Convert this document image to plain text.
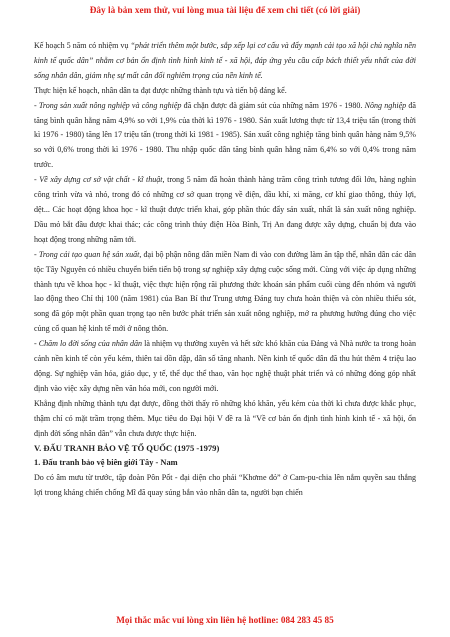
Đây là bản xem thử, vui lòng mua tài liệu để xem chi tiết (có lời giải)

Kế hoạch 5 năm có nhiệm vụ “phát triển thêm một bước, sắp xếp lại cơ cấu và đẩy mạnh cải tạo xã hội chủ nghĩa nền kinh tế quốc dân” nhằm cơ bản ổn định tình hình kinh tế - xã hội, đáp ứng yêu cầu cấp bách thiết yếu nhất của đời sống nhân dân, giảm nhẹ sự mất cân đối nghiêm trọng của nền kinh tế.

Thực hiện kế hoạch, nhân dân ta đạt được những thành tựu và tiến bộ đáng kể.

- Trong sản xuất nông nghiệp và công nghiệp đã chặn được đà giảm sút của những năm 1976 - 1980. Nông nghiệp đã tăng bình quân hằng năm 4,9% so với 1,9% của thời kì 1976 - 1980. Sản xuất lương thực từ 13,4 triệu tấn (trong thời kì 1976 - 1980) tăng lên 17 triệu tấn (trong thời kì 1981 - 1985). Sản xuất công nghiệp tăng bình quân hàng năm 9,5% so với 0,6% trong thời kì 1976 - 1980. Thu nhập quốc dân tăng bình quân hằng năm 6,4% so với 0,4% trong năm trước.

- Về xây dựng cơ sở vật chất - kĩ thuật, trong 5 năm đã hoàn thành hàng trăm công trình tương đối lớn, hàng nghìn công trình vừa và nhỏ, trong đó có những cơ sở quan trọng về điện, dầu khí, xi măng, cơ khí giao thông, thủy lợi, dệt... Các hoạt động khoa học - kĩ thuật được triển khai, góp phần thúc đẩy sản xuất, nhất là sản xuất nông nghiệp. Dầu mỏ bắt đầu được khai thác; các công trình thủy điện Hòa Bình, Trị An đang được xây dựng, chuẩn bị đưa vào hoạt động trong những năm tới.

- Trong cải tạo quan hệ sản xuất, đại bộ phận nông dân miền Nam đi vào con đường làm ăn tập thể, nhân dân các dân tộc Tây Nguyên có nhiều chuyển biến tiến bộ trong sự nghiệp xây dựng cuộc sống mới. Cùng với việc áp dụng những thành tựu về khoa học - kĩ thuật, việc thực hiện rộng rãi phương thức khoán sản phẩm cuối cùng đến nhóm và người lao động theo Chỉ thị 100 (năm 1981) của Ban Bí thư Trung ương Đảng tuy chưa hoàn thiện và còn nhiều thiếu sót, song đã góp một phần quan trọng tạo nên bước phát triển sản xuất nông nghiệp, mở ra phương hướng đúng cho việc củng cố quan hệ kinh tế mới ở nông thôn.

- Chăm lo đời sống của nhân dân là nhiệm vụ thường xuyên và hết sức khó khăn của Đảng và Nhà nước ta trong hoàn cảnh nền kinh tế còn yếu kém, thiên tai dồn dập, dân số tăng nhanh. Nền kinh tế quốc dân đã thu hút thêm 4 triệu lao động. Sự nghiệp văn hóa, giáo dục, y tế, thể dục thể thao, văn học nghệ thuật phát triển và có những đóng góp nhất định vào việc xây dựng nền văn hóa mới, con người mới.

Khẳng định những thành tựu đạt được, đồng thời thấy rõ những khó khăn, yếu kém của thời kì chưa được khắc phục, thậm chí có mặt trầm trọng thêm. Mục tiêu do Đại hội V đề ra là “Về cơ bản ổn định tình hình kinh tế - xã hội, ổn định đời sống nhân dân” vẫn chưa được thực hiện.

V. ĐẤU TRANH BẢO VỆ TỔ QUỐC (1975 -1979)

1. Đấu tranh bảo vệ biên giới Tây - Nam

Do có âm mưu từ trước, tập đoàn Pôn Pốt - đại diện cho phái “Khơme đỏ” ở Cam-pu-chia lên nắm quyền sau thắng lợi trong kháng chiến chống Mĩ đã quay súng bắn vào nhân dân ta, người bạn chiến

Mọi thắc mắc vui lòng xin liên hệ hotline: 084 283 45 85
